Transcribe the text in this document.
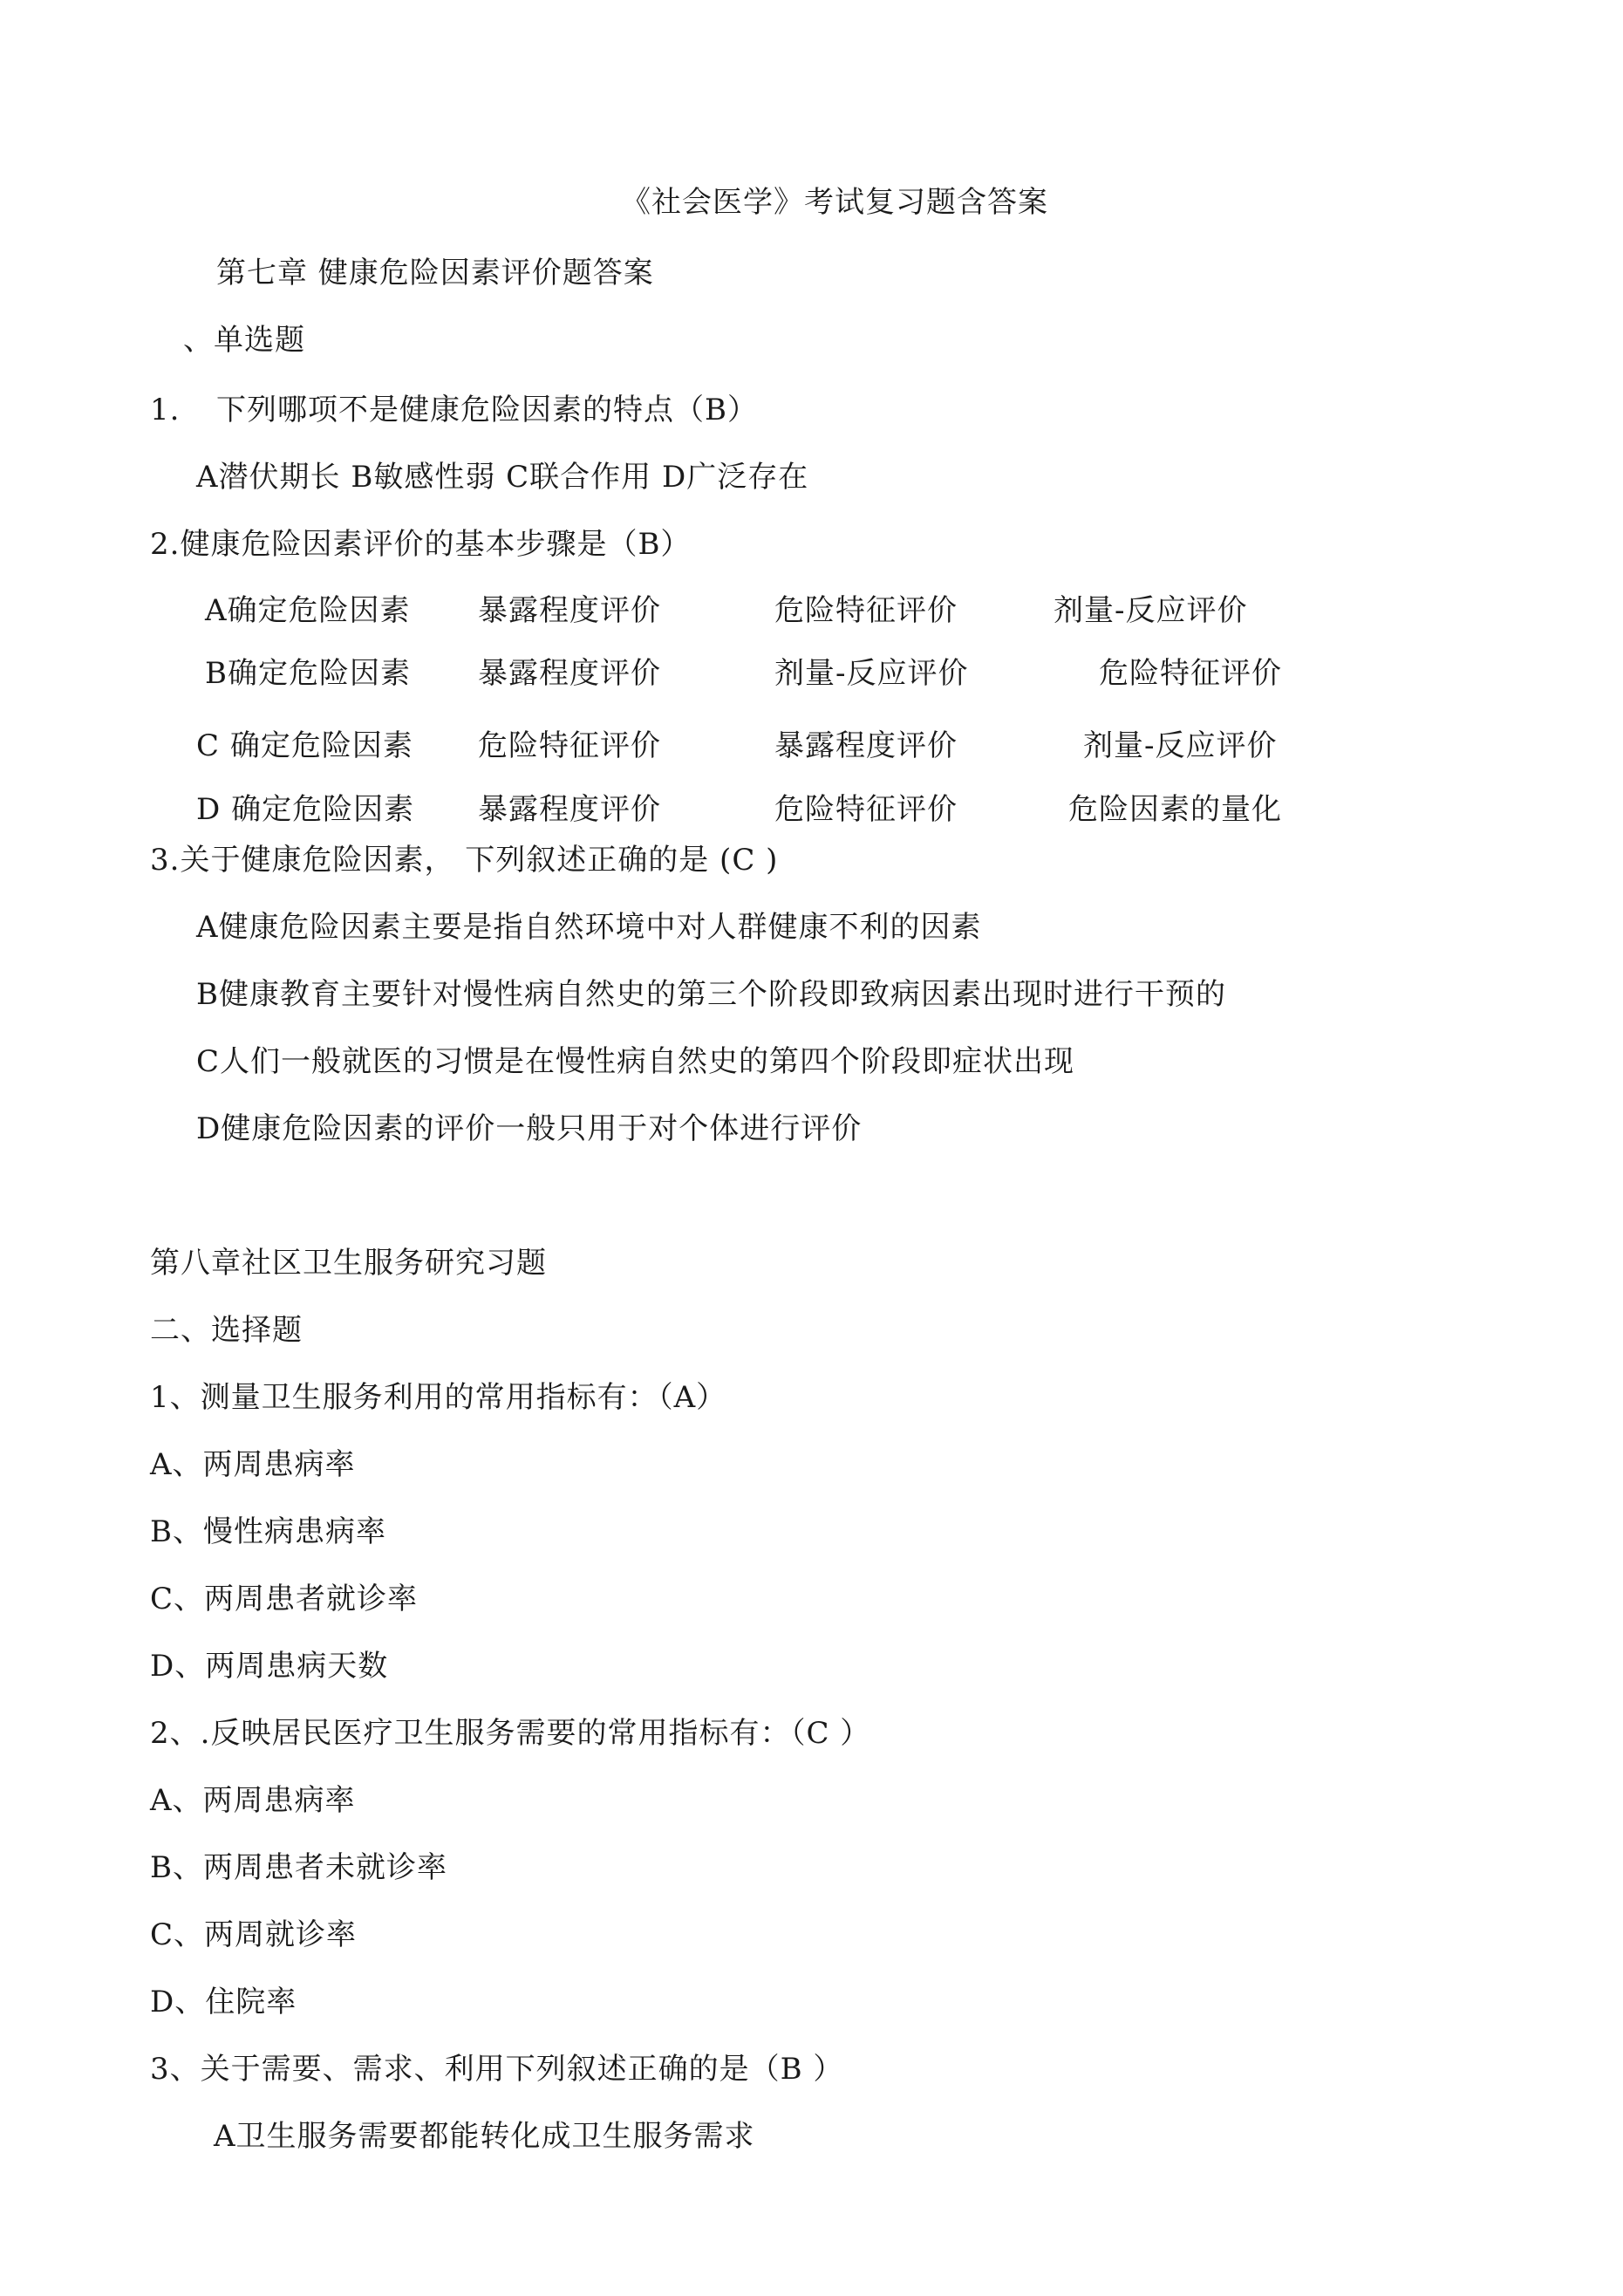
《社会医学》考试复习题含答案
第七章 健康危险因素评价题答案
、单选题
1. 下列哪项不是健康危险因素的特点（B）
A潜伏期长 B敏感性弱 C联合作用 D广泛存在
2.健康危险因素评价的基本步骤是（B）
A确定危险因素 暴露程度评价	危险特征评价	剂量-反应评价
B确定危险因素 暴露程度评价	剂量-反应评价	危险特征评价
C 确定危险因素 危险特征评价	暴露程度评价	剂量-反应评价
D 确定危险因素 暴露程度评价	危险特征评价	危险因素的量化
3.关于健康危险因素， 下列叙述正确的是 (C )
A健康危险因素主要是指自然环境中对人群健康不利的因素
B健康教育主要针对慢性病自然史的第三个阶段即致病因素出现时进行干预的
C人们一般就医的习惯是在慢性病自然史的第四个阶段即症状出现
D健康危险因素的评价一般只用于对个体进行评价
第八章社区卫生服务研究习题
二、选择题
1、测量卫生服务利用的常用指标有：（A）
A、两周患病率
B、慢性病患病率
C、两周患者就诊率
D、两周患病天数
2、.反映居民医疗卫生服务需要的常用指标有：（C ）
A、两周患病率
B、两周患者未就诊率
C、两周就诊率
D、住院率
3、关于需要、需求、利用下列叙述正确的是（B ）
A卫生服务需要都能转化成卫生服务需求
